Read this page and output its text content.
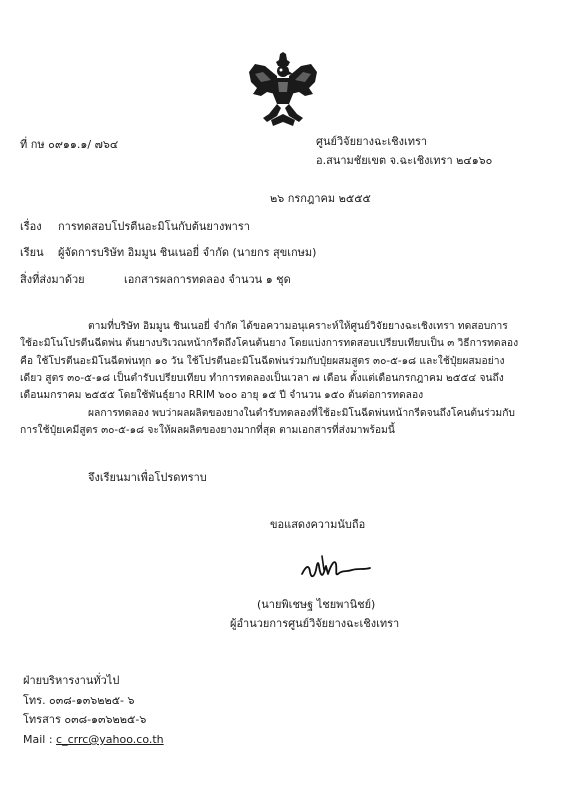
ที่ กษ ๐๙๑๑.๑/ ๗๖๔	ศูนย์วิจัยยางฉะเชิงเทรา
อ.สนามชัยเขต จ.ฉะเชิงเทรา ๒๔๑๖๐
๒๖ กรกฎาคม ๒๕๕๕
เรื่อง การทดสอบโปรตีนอะมิโนกับต้นยางพารา
เรียน ผู้จัดการบริษัท อิมมูน ชินเนอยี่ จำกัด (นายกร สุขเกษม)
สิ่งที่ส่งมาด้วย	เอกสารผลการทดลอง จำนวน ๑ ชุด
ตามที่บริษัท อิมมูน ชินเนอยี่ จำกัด ได้ขอความอนุเคราะห์ให้ศูนย์วิจัยยางฉะเชิงเทรา ทดสอบการ
ใช้อะมิโนโปรตีนฉีดพ่น ต้นยางบริเวณหน้ากรีดถึงโคนต้นยาง โดยแบ่งการทดสอบเปรียบเทียบเป็น ๓ วิธีการทดลอง
คือ ใช้โปรตีนอะมิโนฉีดพ่นทุก ๑๐ วัน ใช้โปรตีนอะมิโนฉีดพ่นร่วมกับปุ๋ยผสมสูตร ๓๐-๕-๑๘ และใช้ปุ๋ยผสมอย่าง
เดียว สูตร ๓๐-๕-๑๘ เป็นตำรับเปรียบเทียบ ทำการทดลองเป็นเวลา ๗ เดือน ตั้งแต่เดือนกรกฎาคม ๒๕๕๔ จนถึง
เดือนมกราคม ๒๕๕๕ โดยใช้พันธุ์ยาง RRIM ๖๐๐ อายุ ๑๕ ปี จำนวน ๑๕๐ ต้นต่อการทดลอง
ผลการทดลอง พบว่าผลผลิตของยางในตำรับทดลองที่ใช้อะมิโนฉีดพ่นหน้ากรีดจนถึงโคนต้นร่วมกับ
การใช้ปุ๋ยเคมีสูตร ๓๐-๕-๑๘ จะให้ผลผลิตของยางมากที่สุด ตามเอกสารที่ส่งมาพร้อมนี้
จึงเรียนมาเพื่อโปรดทราบ
ขอแสดงความนับถือ
(นายพิเชษฐ ไชยพานิชย์)
ผู้อำนวยการศูนย์วิจัยยางฉะเชิงเทรา
ฝ่ายบริหารงานทั่วไป
โทร. ๐๓๘-๑๓๖๒๒๕- ๖
โทรสาร ๐๓๘-๑๓๖๒๒๕-๖
Mail : c_crrc@yahoo.co.th
